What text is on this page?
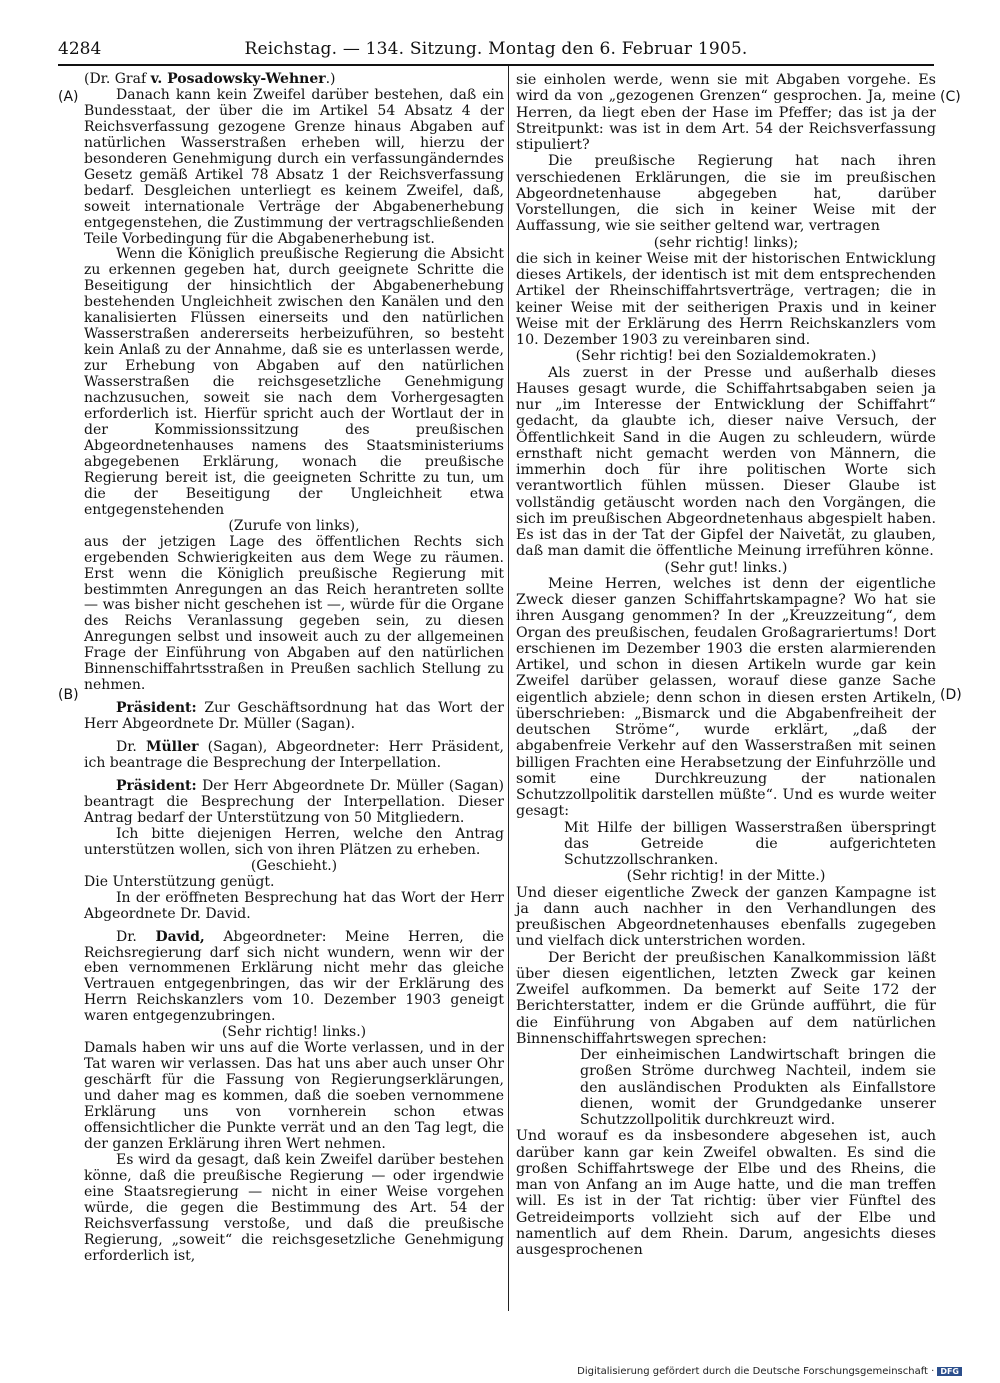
4284	Reichstag. — 134. Sitzung. Montag den 6. Februar 1905.
(A)
(B)
(C)
(D)

(Dr. Graf v. Posadowsky-Wehner.)

Danach kann kein Zweifel darüber bestehen, daß ein Bundesstaat, der über die im Artikel 54 Absatz 4 der Reichsverfassung gezogene Grenze hinaus Abgaben auf natürlichen Wasserstraßen erheben will, hierzu der besonderen Genehmigung durch ein verfassungänderndes Gesetz gemäß Artikel 78 Absatz 1 der Reichsverfassung bedarf. Desgleichen unterliegt es keinem Zweifel, daß, soweit internationale Verträge der Abgabenerhebung entgegenstehen, die Zustimmung der vertragschließenden Teile Vorbedingung für die Abgabenerhebung ist.

Wenn die Königlich preußische Regierung die Absicht zu erkennen gegeben hat, durch geeignete Schritte die Beseitigung der hinsichtlich der Abgabenerhebung bestehenden Ungleichheit zwischen den Kanälen und den kanalisierten Flüssen einerseits und den natürlichen Wasserstraßen andererseits herbeizuführen, so besteht kein Anlaß zu der Annahme, daß sie es unterlassen werde, zur Erhebung von Abgaben auf den natürlichen Wasserstraßen die reichsgesetzliche Genehmigung nachzusuchen, soweit sie nach dem Vorhergesagten erforderlich ist. Hierfür spricht auch der Wortlaut der in der Kommissionssitzung des preußischen Abgeordnetenhauses namens des Staatsministeriums abgegebenen Erklärung, wonach die preußische Regierung bereit ist, die geeigneten Schritte zu tun, um die der Beseitigung der Ungleichheit etwa entgegenstehenden

(Zurufe von links),

aus der jetzigen Lage des öffentlichen Rechts sich ergebenden Schwierigkeiten aus dem Wege zu räumen. Erst wenn die Königlich preußische Regierung mit bestimmten Anregungen an das Reich herantreten sollte — was bisher nicht geschehen ist —, würde für die Organe des Reichs Veranlassung gegeben sein, zu diesen Anregungen selbst und insoweit auch zu der allgemeinen Frage der Einführung von Abgaben auf den natürlichen Binnenschiffahrtsstraßen in Preußen sachlich Stellung zu nehmen.

Präsident: Zur Geschäftsordnung hat das Wort der Herr Abgeordnete Dr. Müller (Sagan).

Dr. Müller (Sagan), Abgeordneter: Herr Präsident, ich beantrage die Besprechung der Interpellation.

Präsident: Der Herr Abgeordnete Dr. Müller (Sagan) beantragt die Besprechung der Interpellation. Dieser Antrag bedarf der Unterstützung von 50 Mitgliedern.

Ich bitte diejenigen Herren, welche den Antrag unterstützen wollen, sich von ihren Plätzen zu erheben.

(Geschieht.)

Die Unterstützung genügt.

In der eröffneten Besprechung hat das Wort der Herr Abgeordnete Dr. David.

Dr. David, Abgeordneter: Meine Herren, die Reichsregierung darf sich nicht wundern, wenn wir der eben vernommenen Erklärung nicht mehr das gleiche Vertrauen entgegenbringen, das wir der Erklärung des Herrn Reichskanzlers vom 10. Dezember 1903 geneigt waren entgegenzubringen.

(Sehr richtig! links.)

Damals haben wir uns auf die Worte verlassen, und in der Tat waren wir verlassen. Das hat uns aber auch unser Ohr geschärft für die Fassung von Regierungserklärungen, und daher mag es kommen, daß die soeben vernommene Erklärung uns von vornherein schon etwas offensichtlicher die Punkte verrät und an den Tag legt, die der ganzen Erklärung ihren Wert nehmen.

Es wird da gesagt, daß kein Zweifel darüber bestehen könne, daß die preußische Regierung — oder irgendwie eine Staatsregierung — nicht in einer Weise vorgehen würde, die gegen die Bestimmung des Art. 54 der Reichsverfassung verstoße, und daß die preußische Regierung, „soweit“ die reichsgesetzliche Genehmigung erforderlich ist,

sie einholen werde, wenn sie mit Abgaben vorgehe. Es wird da von „gezogenen Grenzen“ gesprochen. Ja, meine Herren, da liegt eben der Hase im Pfeffer; das ist ja der Streitpunkt: was ist in dem Art. 54 der Reichsverfassung stipuliert?

Die preußische Regierung hat nach ihren verschiedenen Erklärungen, die sie im preußischen Abgeordnetenhause abgegeben hat, darüber Vorstellungen, die sich in keiner Weise mit der Auffassung, wie sie seither geltend war, vertragen

(sehr richtig! links);

die sich in keiner Weise mit der historischen Entwicklung dieses Artikels, der identisch ist mit dem entsprechenden Artikel der Rheinschiffahrtsverträge, vertragen; die in keiner Weise mit der seitherigen Praxis und in keiner Weise mit der Erklärung des Herrn Reichskanzlers vom 10. Dezember 1903 zu vereinbaren sind.

(Sehr richtig! bei den Sozialdemokraten.)

Als zuerst in der Presse und außerhalb dieses Hauses gesagt wurde, die Schiffahrtsabgaben seien ja nur „im Interesse der Entwicklung der Schiffahrt“ gedacht, da glaubte ich, dieser naive Versuch, der Öffentlichkeit Sand in die Augen zu schleudern, würde ernsthaft nicht gemacht werden von Männern, die immerhin doch für ihre politischen Worte sich verantwortlich fühlen müssen. Dieser Glaube ist vollständig getäuscht worden nach den Vorgängen, die sich im preußischen Abgeordnetenhaus abgespielt haben. Es ist das in der Tat der Gipfel der Naivetät, zu glauben, daß man damit die öffentliche Meinung irreführen könne.

(Sehr gut! links.)

Meine Herren, welches ist denn der eigentliche Zweck dieser ganzen Schiffahrtskampagne? Wo hat sie ihren Ausgang genommen? In der „Kreuzzeitung“, dem Organ des preußischen, feudalen Großagrariertums! Dort erschienen im Dezember 1903 die ersten alarmierenden Artikel, und schon in diesen Artikeln wurde gar kein Zweifel darüber gelassen, worauf diese ganze Sache eigentlich abziele; denn schon in diesen ersten Artikeln, überschrieben: „Bismarck und die Abgabenfreiheit der deutschen Ströme“, wurde erklärt, „daß der abgabenfreie Verkehr auf den Wasserstraßen mit seinen billigen Frachten eine Herabsetzung der Einfuhrzölle und somit eine Durchkreuzung der nationalen Schutzzollpolitik darstellen müßte“. Und es wurde weiter gesagt:

Mit Hilfe der billigen Wasserstraßen überspringt das Getreide die aufgerichteten Schutzzollschranken.

(Sehr richtig! in der Mitte.)

Und dieser eigentliche Zweck der ganzen Kampagne ist ja dann auch nachher in den Verhandlungen des preußischen Abgeordnetenhauses ebenfalls zugegeben und vielfach dick unterstrichen worden.

Der Bericht der preußischen Kanalkommission läßt über diesen eigentlichen, letzten Zweck gar keinen Zweifel aufkommen. Da bemerkt auf Seite 172 der Berichterstatter, indem er die Gründe aufführt, die für die Einführung von Abgaben auf dem natürlichen Binnenschiffahrtswegen sprechen:

Der einheimischen Landwirtschaft bringen die großen Ströme durchweg Nachteil, indem sie den ausländischen Produkten als Einfallstore dienen, womit der Grundgedanke unserer Schutzzollpolitik durchkreuzt wird.

Und worauf es da insbesondere abgesehen ist, auch darüber kann gar kein Zweifel obwalten. Es sind die großen Schiffahrtswege der Elbe und des Rheins, die man von Anfang an im Auge hatte, und die man treffen will. Es ist in der Tat richtig: über vier Fünftel des Getreideimports vollzieht sich auf der Elbe und namentlich auf dem Rhein. Darum, angesichts dieses ausgesprochenen

Digitalisierung gefördert durch die Deutsche Forschungsgemeinschaft · DFG
